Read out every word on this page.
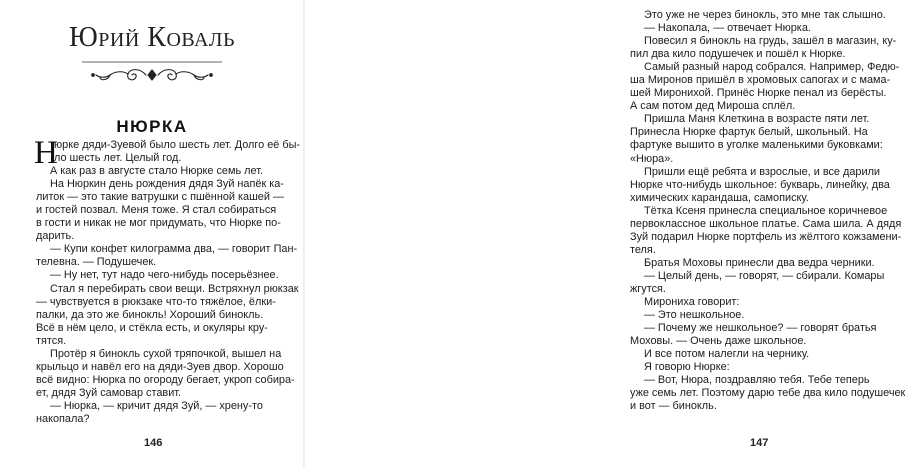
Юрий Коваль
НЮРКА
Н
юрке дяди-Зуевой было шесть лет. Долго её бы-
ло шесть лет. Целый год.
А как раз в августе стало Нюрке семь лет.
На Нюркин день рождения дядя Зуй напёк ка-
литок — это такие ватрушки с пшённой кашей —
и гостей позвал. Меня тоже. Я стал собираться
в гости и никак не мог придумать, что Нюрке по-
дарить.
— Купи конфет килограмма два, — говорит Пан-
телевна. — Подушечек.
— Ну нет, тут надо чего-нибудь посерьёзнее.
Стал я перебирать свои вещи. Встряхнул рюкзак
— чувствуется в рюкзаке что-то тяжёлое, ёлки-
палки, да это же бинокль! Хороший бинокль.
Всё в нём цело, и стёкла есть, и окуляры кру-
тятся.
Протёр я бинокль сухой тряпочкой, вышел на
крыльцо и навёл его на дяди-Зуев двор. Хорошо
всё видно: Нюрка по огороду бегает, укроп собира-
ет, дядя Зуй самовар ставит.
— Нюрка, — кричит дядя Зуй, — хрену-то
накопала?
146
Это уже не через бинокль, это мне так слышно.
— Накопала, — отвечает Нюрка.
Повесил я бинокль на грудь, зашёл в магазин, ку-
пил два кило подушечек и пошёл к Нюрке.
Самый разный народ собрался. Например, Федю-
ша Миронов пришёл в хромовых сапогах и с мама-
шей Миронихой. Принёс Нюрке пенал из берёсты.
А сам потом дед Мироша сплёл.
Пришла Маня Клеткина в возрасте пяти лет.
Принесла Нюрке фартук белый, школьный. На
фартуке вышито в уголке маленькими буковками:
«Нюра».
Пришли ещё ребята и взрослые, и все дарили
Нюрке что-нибудь школьное: букварь, линейку, два
химических карандаша, самописку.
Тётка Ксеня принесла специальное коричневое
первоклассное школьное платье. Сама шила. А дядя
Зуй подарил Нюрке портфель из жёлтого кожзамени-
теля.
Братья Моховы принесли два ведра черники.
— Целый день, — говорят, — сбирали. Комары
жгутся.
Мирониха говорит:
— Это нешкольное.
— Почему же нешкольное? — говорят братья
Моховы. — Очень даже школьное.
И все потом налегли на чернику.
Я говорю Нюрке:
— Вот, Нюра, поздравляю тебя. Тебе теперь
уже семь лет. Поэтому дарю тебе два кило подушечек
и вот — бинокль.
147
